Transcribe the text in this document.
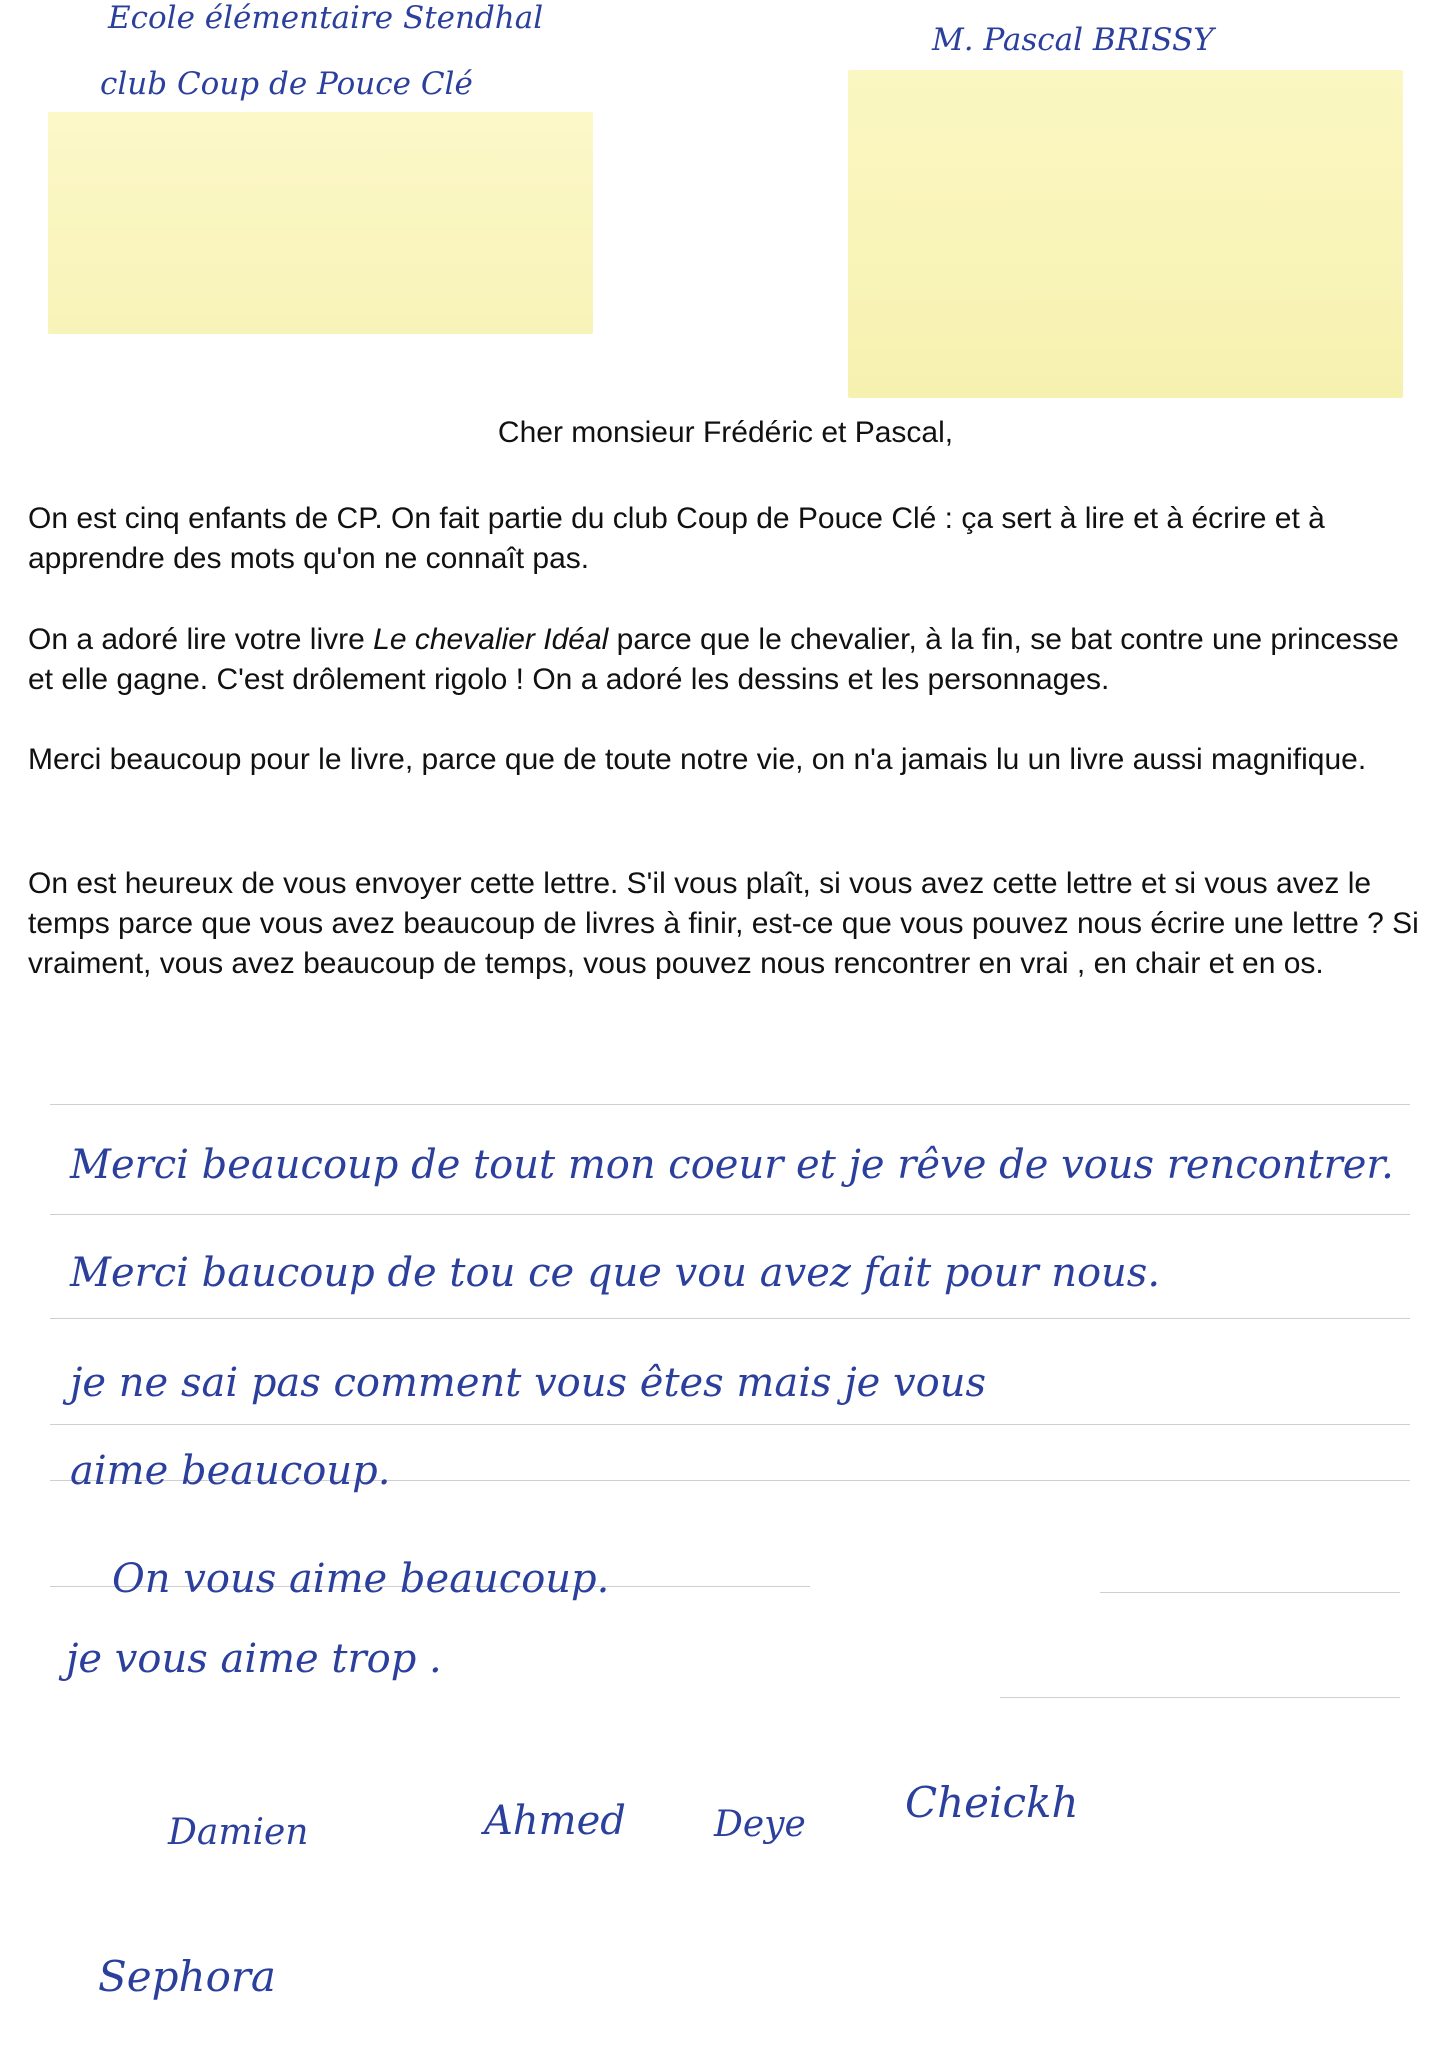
Ecole élémentaire Stendhal
club Coup de Pouce Clé
M. Pascal BRISSY
Cher monsieur Frédéric et Pascal,
On est cinq enfants de CP. On fait partie du club Coup de Pouce Clé : ça sert à lire et à écrire et à apprendre des mots qu'on ne connaît pas.
On a adoré lire votre livre Le chevalier Idéal parce que le chevalier, à la fin, se bat contre une princesse et elle gagne. C'est drôlement rigolo ! On a adoré les dessins et les personnages.
Merci beaucoup pour le livre, parce que de toute notre vie, on n'a jamais lu un livre aussi magnifique.
On est heureux de vous envoyer cette lettre. S'il vous plaît, si vous avez cette lettre et si vous avez le temps parce que vous avez beaucoup de livres à finir, est-ce que vous pouvez nous écrire une lettre ? Si vraiment, vous avez beaucoup de temps, vous pouvez nous rencontrer en vrai , en chair et en os.
Merci beaucoup de tout mon coeur et je rêve de vous rencontrer.
Merci baucoup de tou ce que vou avez fait pour nous.
je ne sai pas comment vous êtes mais je vous
aime beaucoup.
On vous aime beaucoup.
je vous aime trop .
Damien	Ahmed Deye Cheickh
Sephora
